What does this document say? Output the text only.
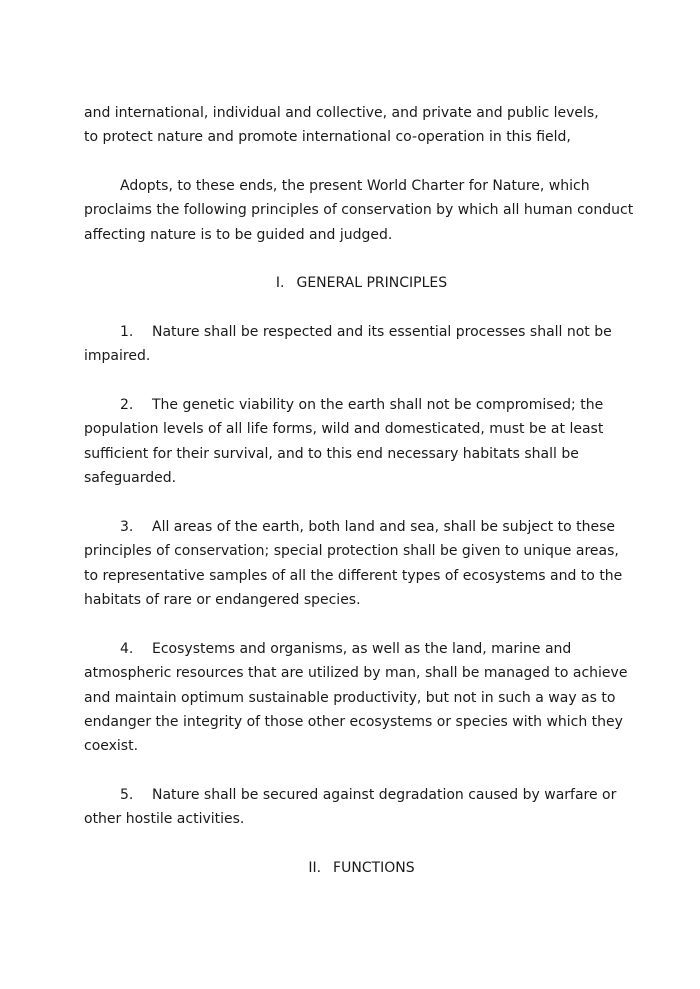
and international, individual and collective, and private and public levels,
to protect nature and promote international co-operation in this field,
Adopts, to these ends, the present World Charter for Nature, which
proclaims the following principles of conservation by which all human conduct
affecting nature is to be guided and judged.
I. GENERAL PRINCIPLES
1. Nature shall be respected and its essential processes shall not be
impaired.
2. The genetic viability on the earth shall not be compromised; the
population levels of all life forms, wild and domesticated, must be at least
sufficient for their survival, and to this end necessary habitats shall be
safeguarded.
3. All areas of the earth, both land and sea, shall be subject to these
principles of conservation; special protection shall be given to unique areas,
to representative samples of all the different types of ecosystems and to the
habitats of rare or endangered species.
4. Ecosystems and organisms, as well as the land, marine and
atmospheric resources that are utilized by man, shall be managed to achieve
and maintain optimum sustainable productivity, but not in such a way as to
endanger the integrity of those other ecosystems or species with which they
coexist.
5. Nature shall be secured against degradation caused by warfare or
other hostile activities.
II. FUNCTIONS
